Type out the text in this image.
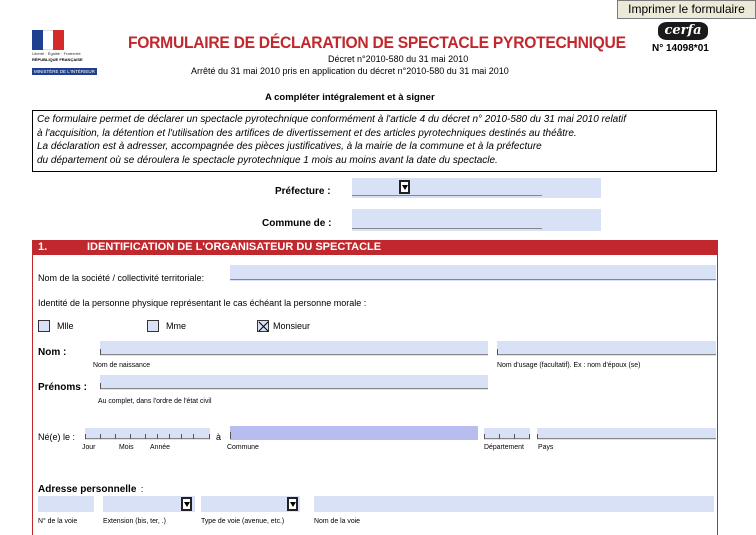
Imprimer le formulaire
Liberté · Égalité · Fraternité
RÉPUBLIQUE FRANÇAISE
MINISTÈRE DE L'INTÉRIEUR
FORMULAIRE DE DÉCLARATION DE SPECTACLE PYROTECHNIQUE
Décret n°2010-580 du 31 mai 2010
Arrêté du 31 mai 2010 pris en application du décret n°2010-580 du 31 mai 2010
cerfa
N° 14098*01
A compléter intégralement et à signer
Ce formulaire permet de déclarer un spectacle pyrotechnique conformément à l'article 4 du décret n° 2010-580 du 31 mai 2010 relatif
à l'acquisition, la détention et l'utilisation des artifices de divertissement et des articles pyrotechniques destinés au théâtre.
La déclaration est à adresser, accompagnée des pièces justificatives, à la mairie de la commune et à la préfecture
du département où se déroulera le spectacle pyrotechnique 1 mois au moins avant la date du spectacle.
Préfecture :
Commune de :
1.	IDENTIFICATION DE L'ORGANISATEUR DU SPECTACLE
Nom de la société / collectivité territoriale:
Identité de la personne physique représentant le cas échéant la personne morale :
Mlle	Mme	Monsieur
Nom :
Nom de naissance	Nom d'usage (facultatif). Ex : nom d'époux (se)
Prénoms :
Au complet, dans l'ordre de l'état civil
Né(e) le :
Jour	Mois Année
à
Commune	Département Pays
Adresse personnelle :
N° de la voie	Extension (bis, ter, .)	Type de voie (avenue, etc.)	Nom de la voie
